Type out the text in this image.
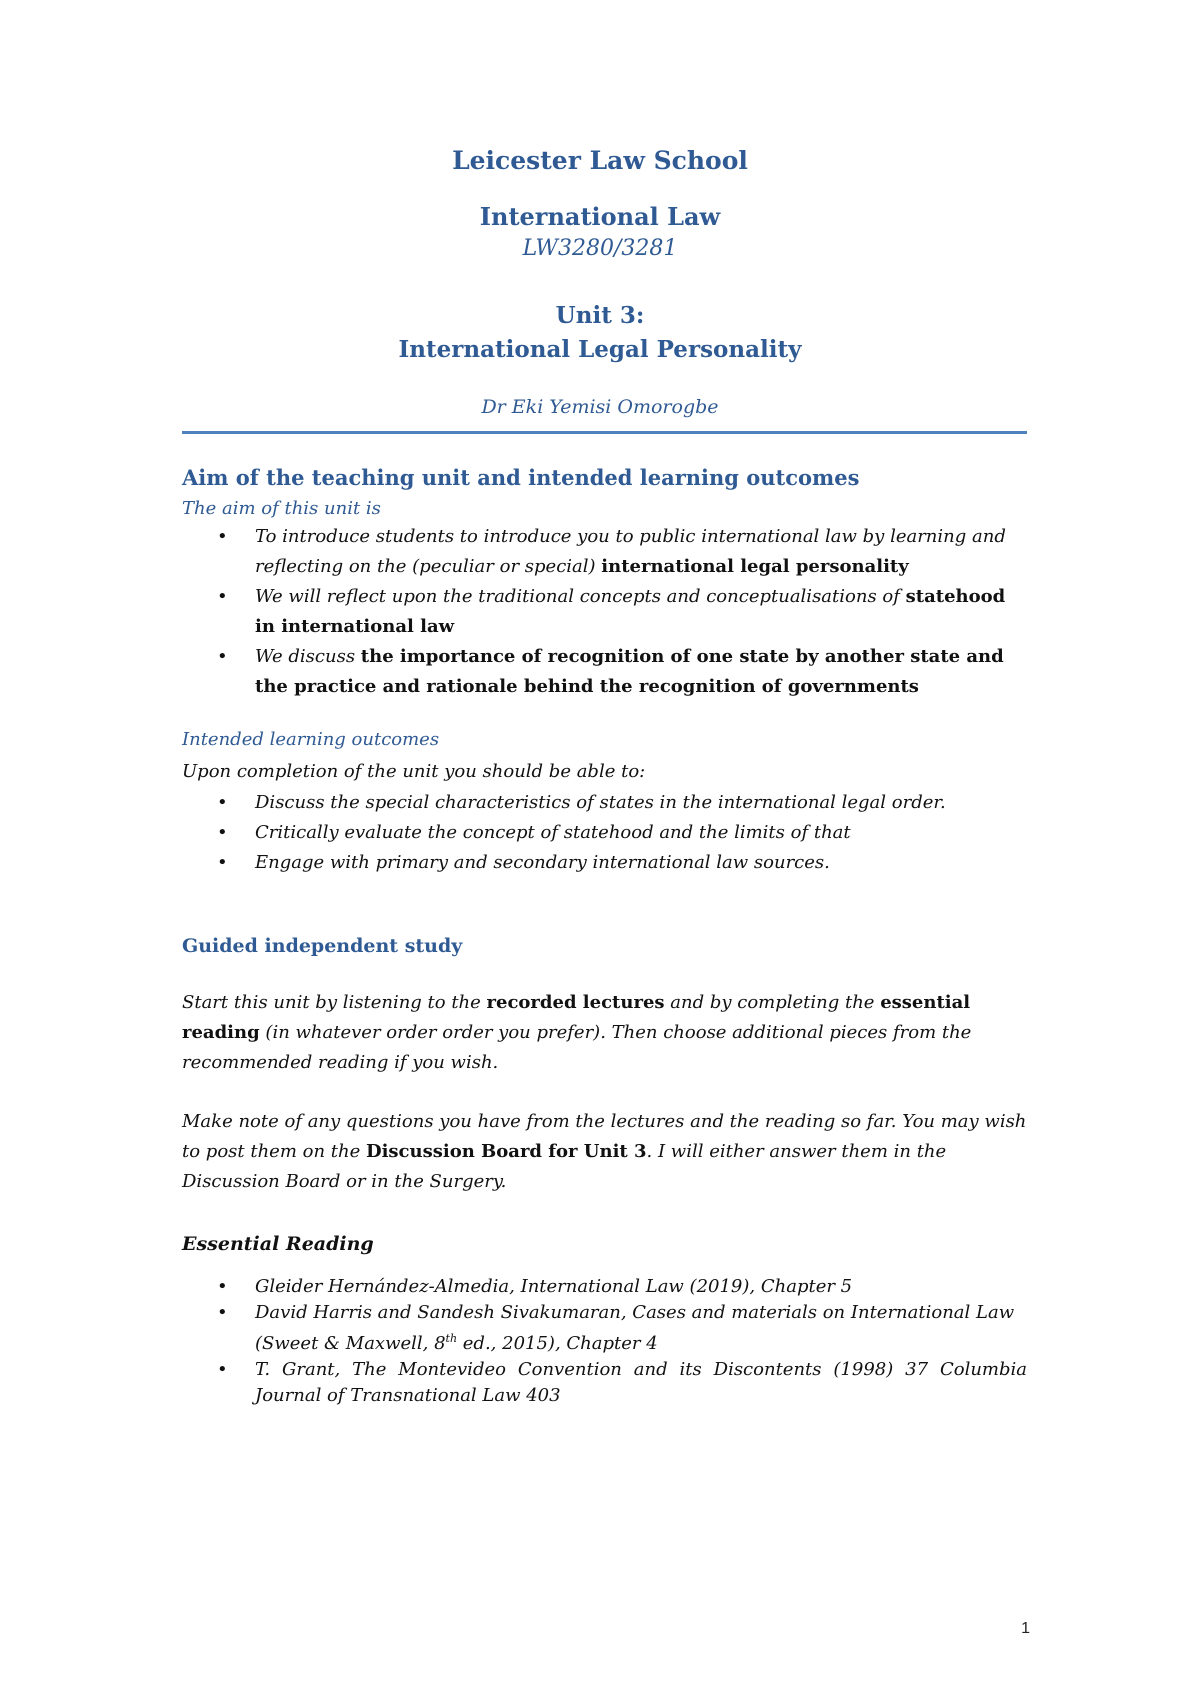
Leicester Law School
International Law
LW3280/3281
Unit 3:
International Legal Personality
Dr Eki Yemisi Omorogbe
Aim of the teaching unit and intended learning outcomes
The aim of this unit is
• To introduce students to introduce you to public international law by learning and reflecting on the (peculiar or special) international legal personality
• We will reflect upon the traditional concepts and conceptualisations of statehood in international law
• We discuss the importance of recognition of one state by another state and the practice and rationale behind the recognition of governments
Intended learning outcomes
Upon completion of the unit you should be able to:
• Discuss the special characteristics of states in the international legal order.
• Critically evaluate the concept of statehood and the limits of that
• Engage with primary and secondary international law sources.
Guided independent study
Start this unit by listening to the recorded lectures and by completing the essential reading (in whatever order order you prefer). Then choose additional pieces from the recommended reading if you wish.
Make note of any questions you have from the lectures and the reading so far. You may wish to post them on the Discussion Board for Unit 3. I will either answer them in the Discussion Board or in the Surgery.
Essential Reading
• Gleider Hernández-Almedia, International Law (2019), Chapter 5
• David Harris and Sandesh Sivakumaran, Cases and materials on International Law (Sweet & Maxwell, 8th ed., 2015), Chapter 4
• T. Grant, The Montevideo Convention and its Discontents (1998) 37 Columbia Journal of Transnational Law 403
1
